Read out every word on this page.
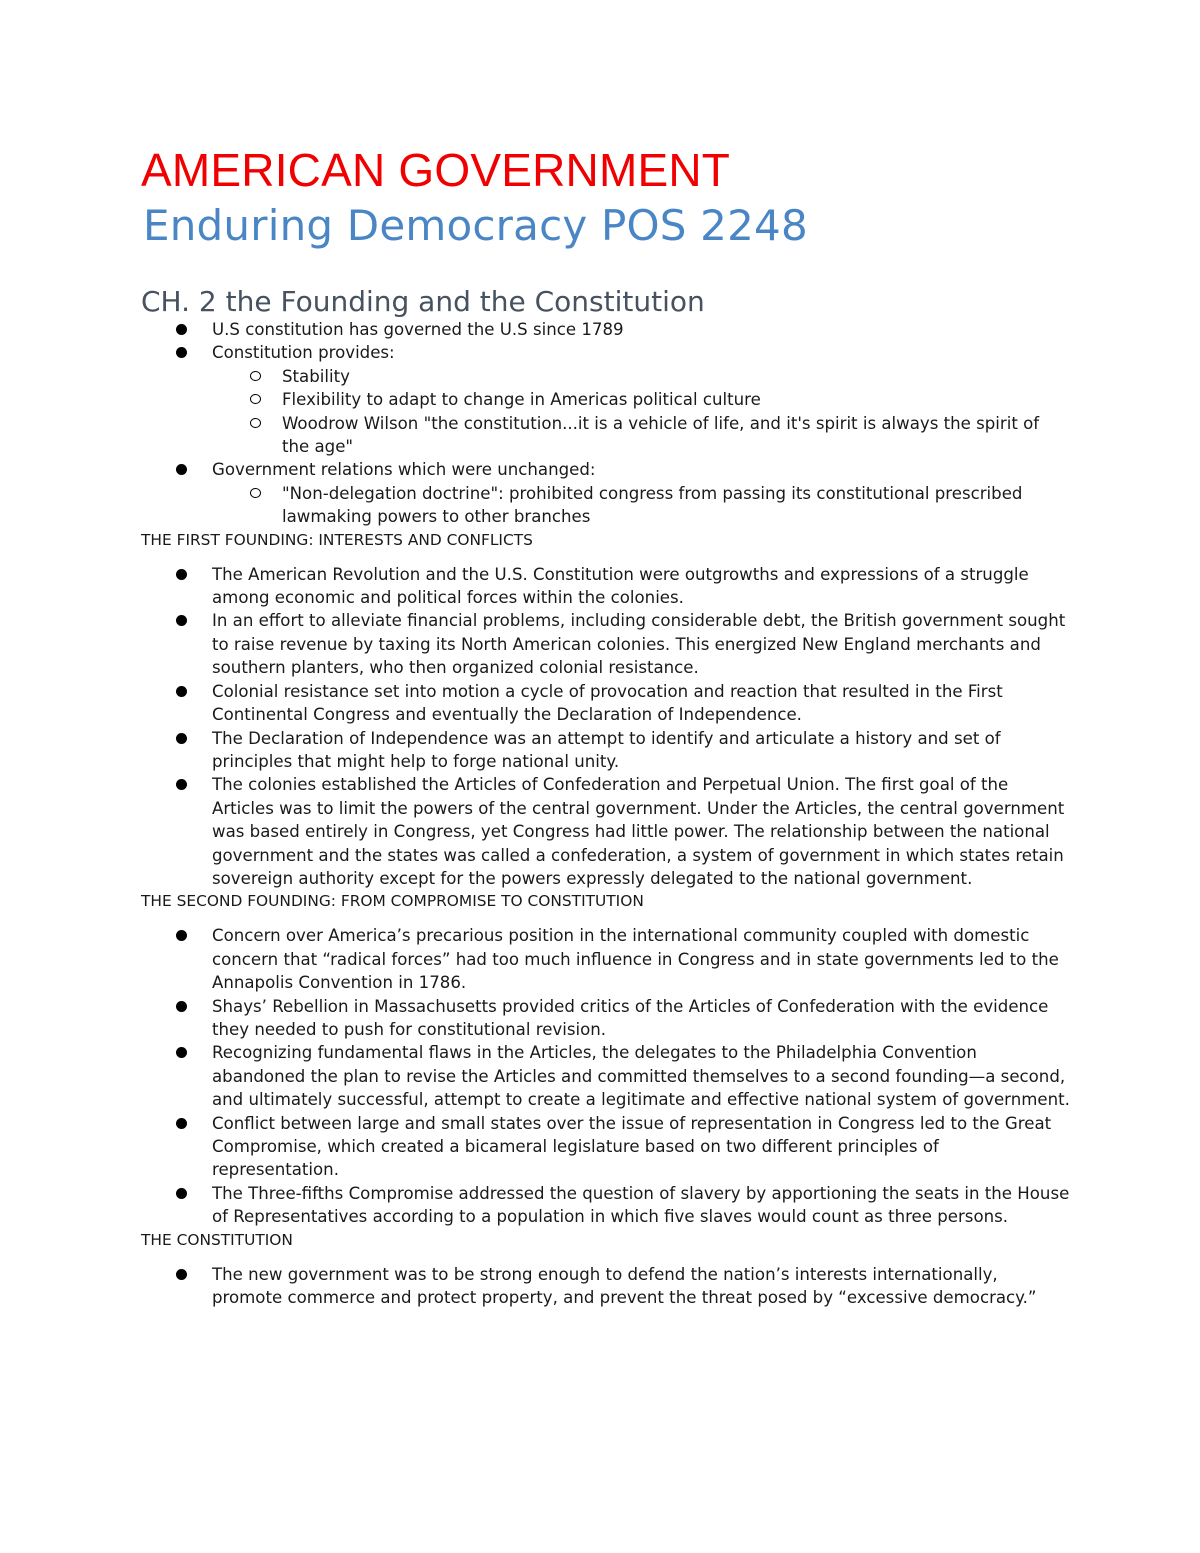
AMERICAN GOVERNMENT
Enduring Democracy POS 2248
CH. 2 the Founding and the Constitution
U.S constitution has governed the U.S since 1789
Constitution provides:
Stability
Flexibility to adapt to change in Americas political culture
Woodrow Wilson "the constitution...it is a vehicle of life, and it's spirit is always the spirit of the age"
Government relations which were unchanged:
"Non-delegation doctrine": prohibited congress from passing its constitutional prescribed lawmaking powers to other branches
THE FIRST FOUNDING: INTERESTS AND CONFLICTS
The American Revolution and the U.S. Constitution were outgrowths and expressions of a struggle among economic and political forces within the colonies.
In an effort to alleviate financial problems, including considerable debt, the British government sought to raise revenue by taxing its North American colonies. This energized New England merchants and southern planters, who then organized colonial resistance.
Colonial resistance set into motion a cycle of provocation and reaction that resulted in the First Continental Congress and eventually the Declaration of Independence.
The Declaration of Independence was an attempt to identify and articulate a history and set of principles that might help to forge national unity.
The colonies established the Articles of Confederation and Perpetual Union. The first goal of the Articles was to limit the powers of the central government. Under the Articles, the central government was based entirely in Congress, yet Congress had little power. The relationship between the national government and the states was called a confederation, a system of government in which states retain sovereign authority except for the powers expressly delegated to the national government.
THE SECOND FOUNDING: FROM COMPROMISE TO CONSTITUTION
Concern over America’s precarious position in the international community coupled with domestic concern that “radical forces” had too much influence in Congress and in state governments led to the Annapolis Convention in 1786.
Shays’ Rebellion in Massachusetts provided critics of the Articles of Confederation with the evidence they needed to push for constitutional revision.
Recognizing fundamental flaws in the Articles, the delegates to the Philadelphia Convention abandoned the plan to revise the Articles and committed themselves to a second founding—a second, and ultimately successful, attempt to create a legitimate and effective national system of government.
Conflict between large and small states over the issue of representation in Congress led to the Great Compromise, which created a bicameral legislature based on two different principles of representation.
The Three-fifths Compromise addressed the question of slavery by apportioning the seats in the House of Representatives according to a population in which five slaves would count as three persons.
THE CONSTITUTION
The new government was to be strong enough to defend the nation’s interests internationally, promote commerce and protect property, and prevent the threat posed by “excessive democracy.”
